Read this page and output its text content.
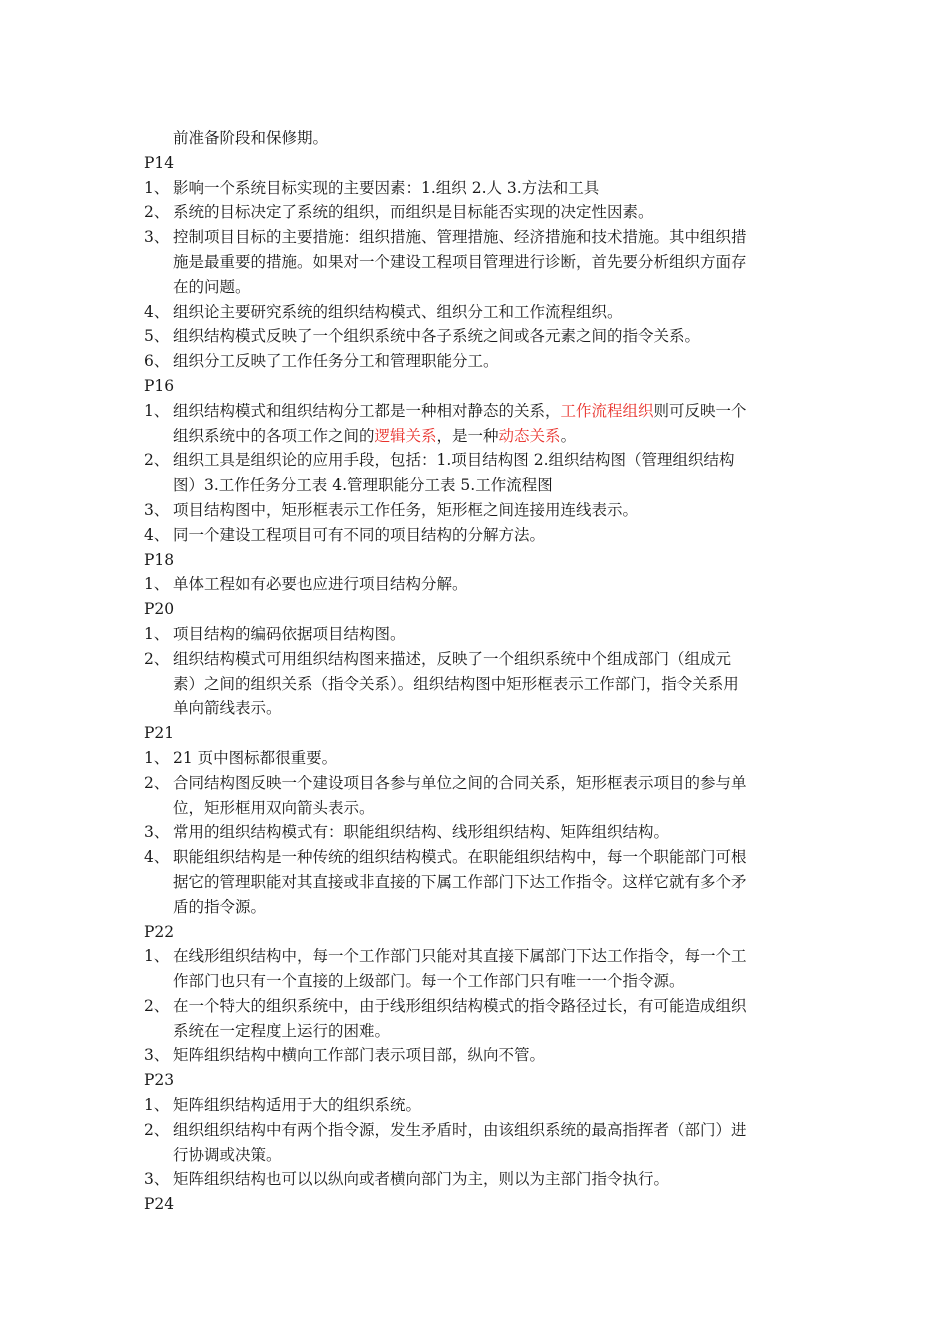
前准备阶段和保修期。
P14
1、 影响一个系统目标实现的主要因素：1.组织 2.人 3.方法和工具
2、 系统的目标决定了系统的组织，而组织是目标能否实现的决定性因素。
3、 控制项目目标的主要措施：组织措施、管理措施、经济措施和技术措施。其中组织措
施是最重要的措施。如果对一个建设工程项目管理进行诊断，首先要分析组织方面存
在的问题。
4、 组织论主要研究系统的组织结构模式、组织分工和工作流程组织。
5、 组织结构模式反映了一个组织系统中各子系统之间或各元素之间的指令关系。
6、 组织分工反映了工作任务分工和管理职能分工。
P16
1、 组织结构模式和组织结构分工都是一种相对静态的关系，工作流程组织则可反映一个
组织系统中的各项工作之间的逻辑关系，是一种动态关系。
2、 组织工具是组织论的应用手段，包括：1.项目结构图 2.组织结构图（管理组织结构
图）3.工作任务分工表 4.管理职能分工表 5.工作流程图
3、 项目结构图中，矩形框表示工作任务，矩形框之间连接用连线表示。
4、 同一个建设工程项目可有不同的项目结构的分解方法。
P18
1、 单体工程如有必要也应进行项目结构分解。
P20
1、 项目结构的编码依据项目结构图。
2、 组织结构模式可用组织结构图来描述，反映了一个组织系统中个组成部门（组成元
素）之间的组织关系（指令关系）。组织结构图中矩形框表示工作部门，指令关系用
单向箭线表示。
P21
1、 21 页中图标都很重要。
2、 合同结构图反映一个建设项目各参与单位之间的合同关系，矩形框表示项目的参与单
位，矩形框用双向箭头表示。
3、 常用的组织结构模式有：职能组织结构、线形组织结构、矩阵组织结构。
4、 职能组织结构是一种传统的组织结构模式。在职能组织结构中，每一个职能部门可根
据它的管理职能对其直接或非直接的下属工作部门下达工作指令。这样它就有多个矛
盾的指令源。
P22
1、 在线形组织结构中，每一个工作部门只能对其直接下属部门下达工作指令，每一个工
作部门也只有一个直接的上级部门。每一个工作部门只有唯一一个指令源。
2、 在一个特大的组织系统中，由于线形组织结构模式的指令路径过长，有可能造成组织
系统在一定程度上运行的困难。
3、 矩阵组织结构中横向工作部门表示项目部，纵向不管。
P23
1、 矩阵组织结构适用于大的组织系统。
2、 组织组织结构中有两个指令源，发生矛盾时，由该组织系统的最高指挥者（部门）进
行协调或决策。
3、 矩阵组织结构也可以以纵向或者横向部门为主，则以为主部门指令执行。
P24
